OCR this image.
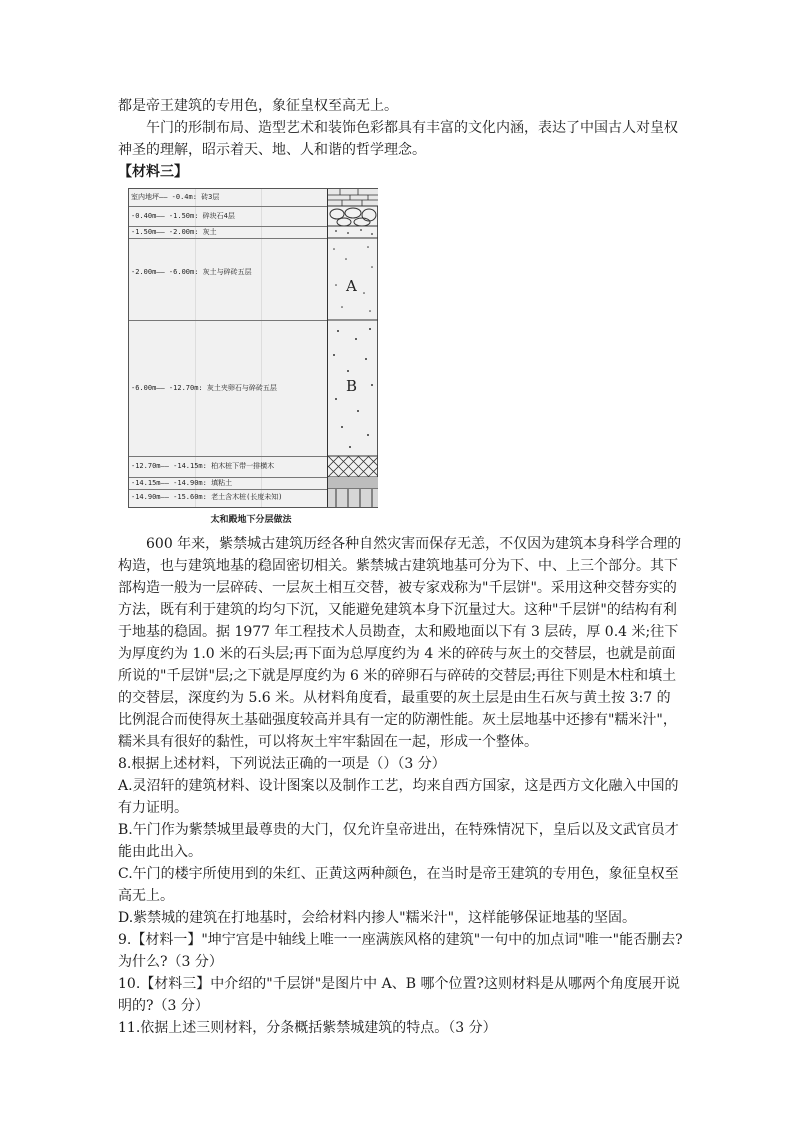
都是帝王建筑的专用色，象征皇权至高无上。
午门的形制布局、造型艺术和装饰色彩都具有丰富的文化内涵，表达了中国古人对皇权
神圣的理解，昭示着天、地、人和谐的哲学理念。
【材料三】
室内地坪—— -0.4m: 砖3层
-0.40m—— -1.50m: 碎块石4层
-1.50m—— -2.00m: 灰土
-2.00m—— -6.00m: 灰土与碎砖五层
-6.00m—— -12.70m: 灰土夹卵石与碎砖五层
-12.70m—— -14.15m: 柏木桩下带一排横木
-14.15m—— -14.90m: 填粘土
-14.90m—— -15.60m: 老土含木桩(长度未知)
A
B
太和殿地下分层做法
600 年来，紫禁城古建筑历经各种自然灾害而保存无恙，不仅因为建筑本身科学合理的
构造，也与建筑地基的稳固密切相关。紫禁城古建筑地基可分为下、中、上三个部分。其下
部构造一般为一层碎砖、一层灰土相互交替，被专家戏称为"千层饼"。采用这种交替夯实的
方法，既有利于建筑的均匀下沉，又能避免建筑本身下沉量过大。这种"千层饼"的结构有利
于地基的稳固。据 1977 年工程技术人员勘查，太和殿地面以下有 3 层砖，厚 0.4 米;往下
为厚度约为 1.0 米的石头层;再下面为总厚度约为 4 米的碎砖与灰土的交替层，也就是前面
所说的"千层饼"层;之下就是厚度约为 6 米的碎卵石与碎砖的交替层;再往下则是木柱和填土
的交替层，深度约为 5.6 米。从材料角度看，最重要的灰土层是由生石灰与黄土按 3:7 的
比例混合而使得灰土基础强度较高并具有一定的防潮性能。灰土层地基中还掺有"糯米汁"，
糯米具有很好的黏性，可以将灰土牢牢黏固在一起，形成一个整体。
8.根据上述材料，下列说法正确的一项是（）（3 分）
A.灵沼轩的建筑材料、设计图案以及制作工艺，均来自西方国家，这是西方文化融入中国的
有力证明。
B.午门作为紫禁城里最尊贵的大门，仅允许皇帝进出，在特殊情况下，皇后以及文武官员才
能由此出入。
C.午门的楼宇所使用到的朱红、正黄这两种颜色，在当时是帝王建筑的专用色，象征皇权至
高无上。
D.紫禁城的建筑在打地基时，会给材料内掺人"糯米汁"，这样能够保证地基的坚固。
9.【材料一】"坤宁宫是中轴线上唯一一座满族风格的建筑"一句中的加点词"唯一"能否删去?
为什么?（3 分）
10.【材料三】中介绍的"千层饼"是图片中 A、B 哪个位置?这则材料是从哪两个角度展开说
明的?（3 分）
11.依据上述三则材料，分条概括紫禁城建筑的特点。（3 分）
